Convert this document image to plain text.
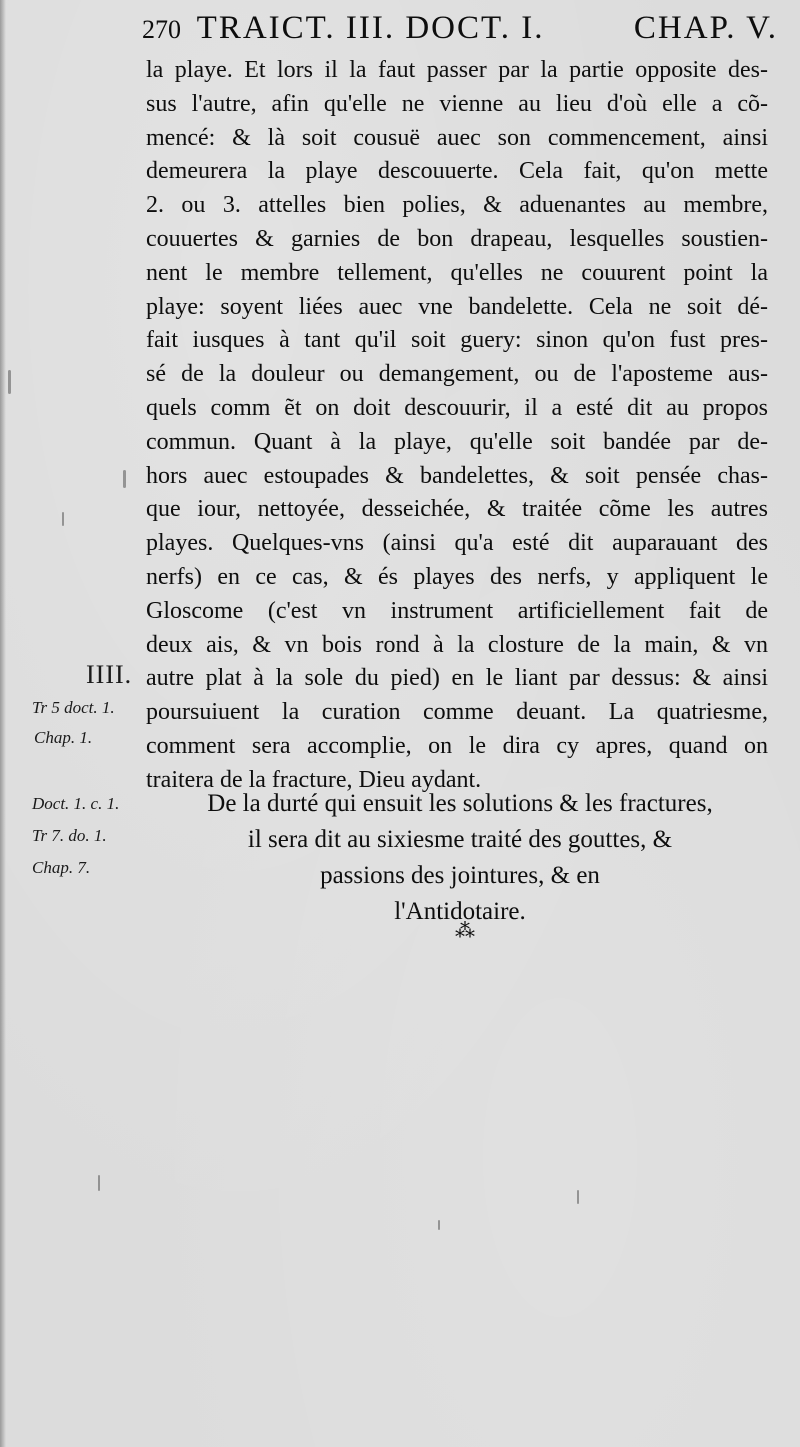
270 TRAICT. III. DOCT. I.	CHAP. V.
la playe. Et lors il la faut passer par la partie opposite des-
sus l'autre, afin qu'elle ne vienne au lieu d'où elle a cõ-
mencé: & là soit cousuë auec son commencement, ainsi
demeurera la playe descouuerte. Cela fait, qu'on mette
2. ou 3. attelles bien polies, & aduenantes au membre,
couuertes & garnies de bon drapeau, lesquelles soustien-
nent le membre tellement, qu'elles ne couurent point la
playe: soyent liées auec vne bandelette. Cela ne soit dé-
fait iusques à tant qu'il soit guery: sinon qu'on fust pres-
sé de la douleur ou demangement, ou de l'aposteme aus-
quels comm ẽt on doit descouurir, il a esté dit au propos
commun. Quant à la playe, qu'elle soit bandée par de-
hors auec estoupades & bandelettes, & soit pensée chas-
que iour, nettoyée, desseichée, & traitée cõme les autres
playes. Quelques-vns (ainsi qu'a esté dit auparauant des
nerfs) en ce cas, & és playes des nerfs, y appliquent le
Gloscome (c'est vn instrument artificiellement fait de
deux ais, & vn bois rond à la closture de la main, & vn
autre plat à la sole du pied) en le liant par dessus: & ainsi
poursuiuent la curation comme deuant. La quatriesme,
comment sera accomplie, on le dira cy apres, quand on
traitera de la fracture, Dieu aydant.
De la durté qui ensuit les solutions & les fractures,
il sera dit au sixiesme traité des gouttes, &
passions des jointures, & en
l'Antidotaire.
⁂
IIII.
Tr 5 doct. 1.
Chap. 1.
Doct. 1. c. 1.
Tr 7. do. 1.
Chap. 7.
